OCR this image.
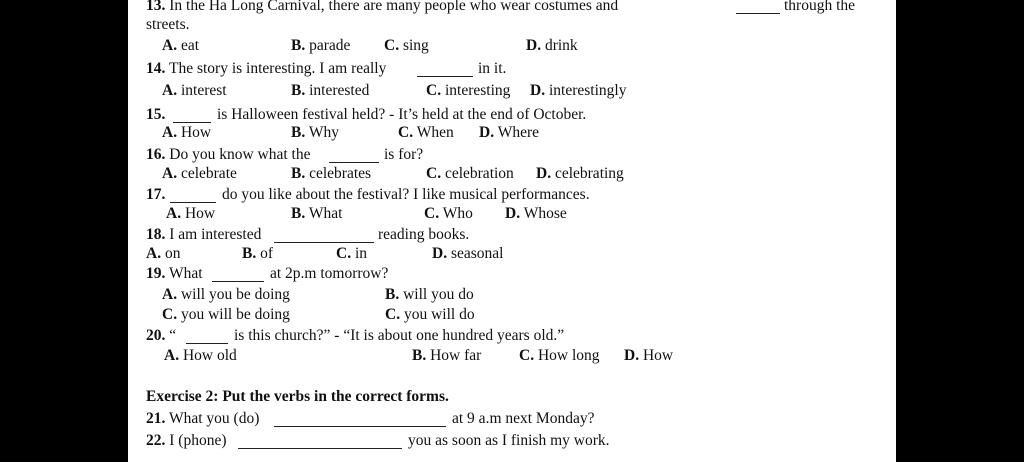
13. In the Ha Long Carnival, there are many people who wear costumes and	through the
streets.
A. eat	B. parade C. sing	D. drink
14. The story is interesting. I am really	in it.
A. interest	B. interested	C. interesting D. interestingly
15.	is Halloween festival held? - It’s held at the end of October.
A. How	B. Why	C. When D. Where
16. Do you know what the	is for?
A. celebrate	B. celebrates	C. celebration D. celebrating
17.	do you like about the festival? I like musical performances.
A. How	B. What	C. Who D. Whose
18. I am interested	reading books.
A. on	B. of	C. in	D. seasonal
19. What	at 2p.m tomorrow?
A. will you be doing	B. will you do
C. you will be doing	C. you will do
20. “	is this church?” - “It is about one hundred years old.”
A. How old	B. How far C. How long D. How
Exercise 2: Put the verbs in the correct forms.
21. What you (do)	at 9 a.m next Monday?
22. I (phone)	you as soon as I finish my work.
